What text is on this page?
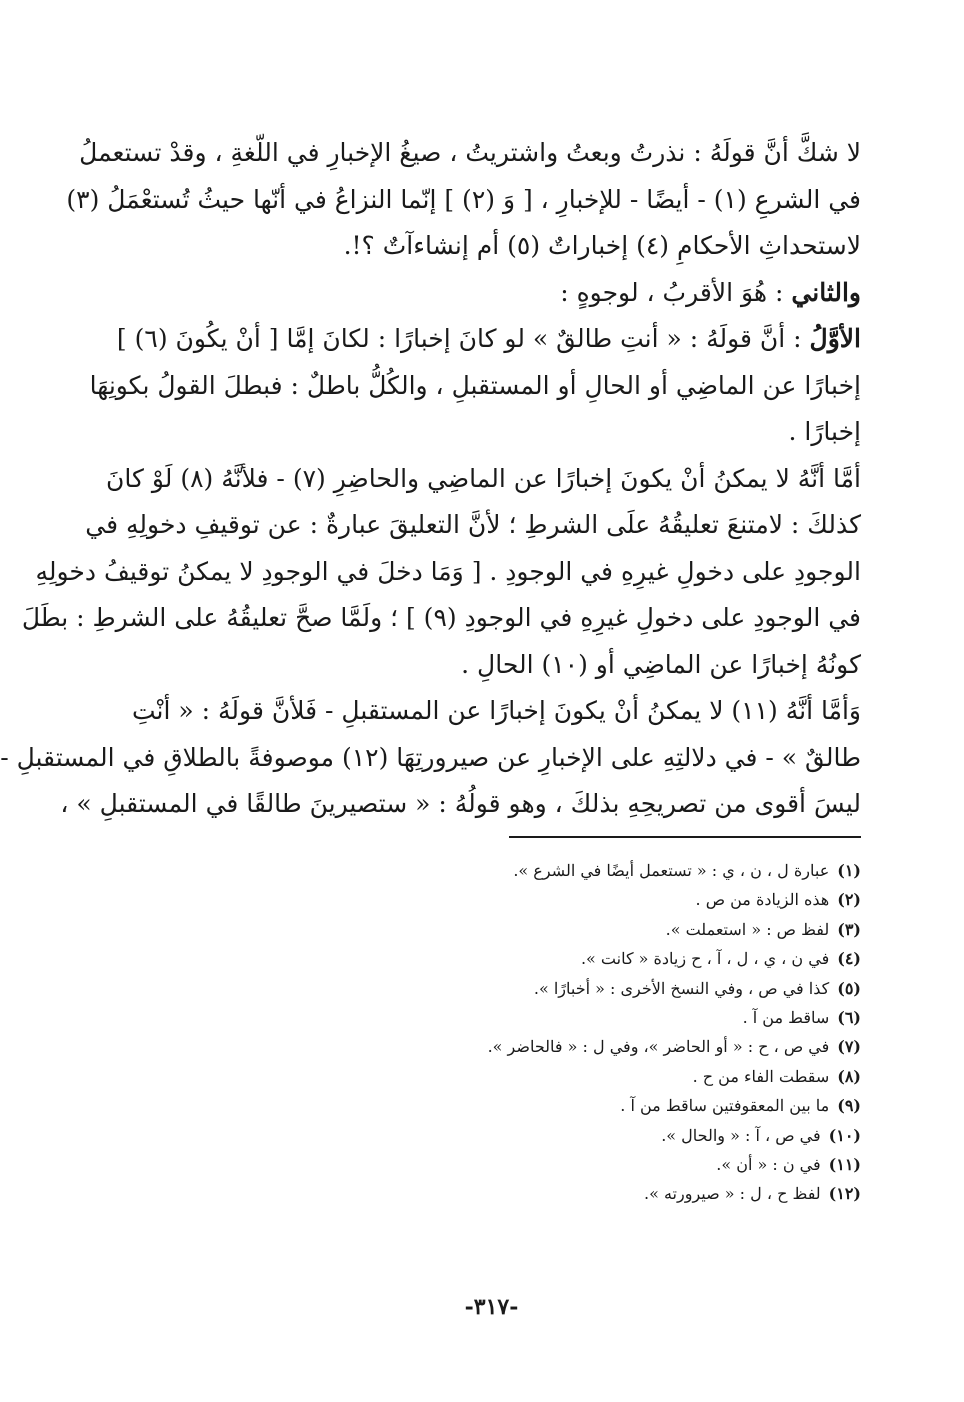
لا شكَّ أنَّ قولَهُ : نذرتُ وبعتُ واشتريتُ ، صيغُ الإخبارِ في اللّغةِ ، وقدْ تستعملُ
في الشرعِ (١) - أيضًا - للإخبارِ ، [ وَ (٢) ] إنّما النزاعُ في أنّها حيثُ تُستعْمَلُ (٣)
لاستحداثِ الأحكامِ (٤) إخباراتٌ (٥) أم إنشاءآتٌ ؟!.
والثاني : هُوَ الأقربُ ، لوجوهٍ :
الأوَّلُ : أنَّ قولَهُ : « أنتِ طالقٌ » لو كانَ إخبارًا : لكانَ إمَّا [ أنْ يكُونَ (٦) ]
إخبارًا عن الماضِي أو الحالِ أو المستقبلِ ، والكُلُّ باطلٌ : فبطلَ القولُ بكونِهَا
إخبارًا .
أمَّا أنَّهُ لا يمكنُ أنْ يكونَ إخبارًا عن الماضِي والحاضِرِ (٧) - فلأنَّهُ (٨) لَوْ كانَ
كذلكَ : لامتنعَ تعليقُهُ علَى الشرطِ ؛ لأنَّ التعليقَ عبارةٌ : عن توقيفِ دخولِهِ في
الوجودِ على دخولِ غيرِهِ في الوجودِ . [ وَمَا دخلَ في الوجودِ لا يمكنُ توقيفُ دخولِهِ
في الوجودِ على دخولِ غيرِهِ في الوجودِ (٩) ] ؛ ولَمَّا صحَّ تعليقُهُ على الشرطِ : بطَلَ
كونُهُ إخبارًا عن الماضِي أو (١٠) الحالِ .
وَأمَّا أنَّهُ (١١) لا يمكنُ أنْ يكونَ إخبارًا عن المستقبلِ - فَلأنَّ قولَهُ : « أنْتِ
طالقٌ » - في دلالتِهِ على الإخبارِ عن صيرورتِهَا (١٢) موصوفةً بالطلاقِ في المستقبلِ -
ليسَ أقوى من تصريحِهِ بذلكَ ، وهو قولُهُ : « ستصيرينَ طالقًا في المستقبلِ » ،
(١)عبارة ل ، ن ، ي : « تستعمل أيضًا في الشرع ».
(٢)هذه الزيادة من ص .
(٣)لفظ ص : « استعملت ».
(٤)في ن ، ي ، ل ، آ ، ح زيادة « كانت ».
(٥)كذا في ص ، وفي النسخ الأخرى : « أخبارًا ».
(٦)ساقط من آ .
(٧)في ص ، ح : « أو الحاضر »، وفي ل : « فالحاضر ».
(٨)سقطت الفاء من ح .
(٩)ما بين المعقوفتين ساقط من آ .
(١٠)في ص ، آ : « والحال ».
(١١)في ن : « أن ».
(١٢)لفظ ح ، ل : « صيرورته ».
-٣١٧-
